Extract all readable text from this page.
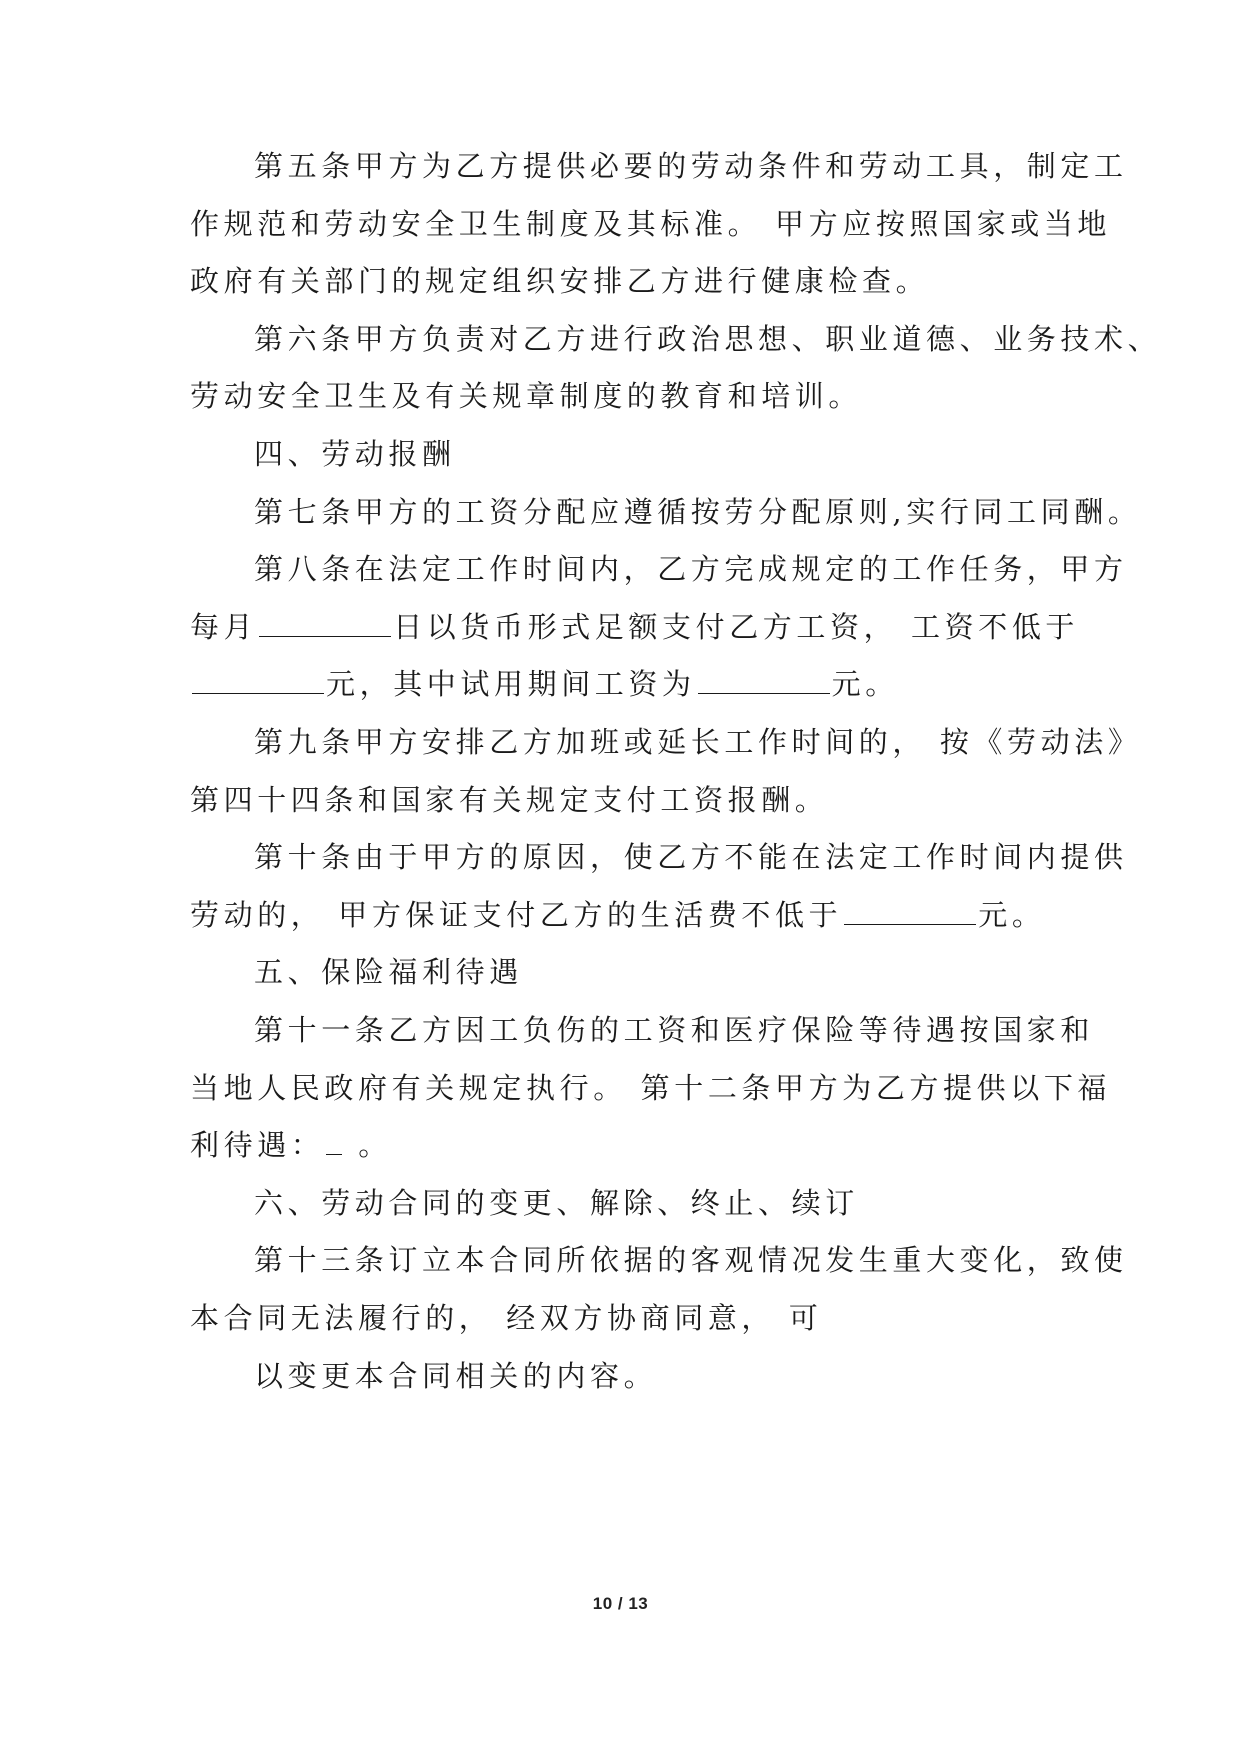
第五条甲方为乙方提供必要的劳动条件和劳动工具，制定工
作规范和劳动安全卫生制度及其标准。 甲方应按照国家或当地
政府有关部门的规定组织安排乙方进行健康检查。
第六条甲方负责对乙方进行政治思想、职业道德、业务技术、
劳动安全卫生及有关规章制度的教育和培训。
四、劳动报酬
第七条甲方的工资分配应遵循按劳分配原则,实行同工同酬。
第八条在法定工作时间内，乙方完成规定的工作任务，甲方
每月	日以货币形式足额支付乙方工资， 工资不低于
元，其中试用期间工资为	元。
第九条甲方安排乙方加班或延长工作时间的， 按《劳动法》
第四十四条和国家有关规定支付工资报酬。
第十条由于甲方的原因，使乙方不能在法定工作时间内提供
劳动的， 甲方保证支付乙方的生活费不低于	元。
五、保险福利待遇
第十一条乙方因工负伤的工资和医疗保险等待遇按国家和
当地人民政府有关规定执行。 第十二条甲方为乙方提供以下福
利待遇： 。
六、劳动合同的变更、解除、终止、续订
第十三条订立本合同所依据的客观情况发生重大变化，致使
本合同无法履行的， 经双方协商同意， 可
以变更本合同相关的内容。
10 / 13
